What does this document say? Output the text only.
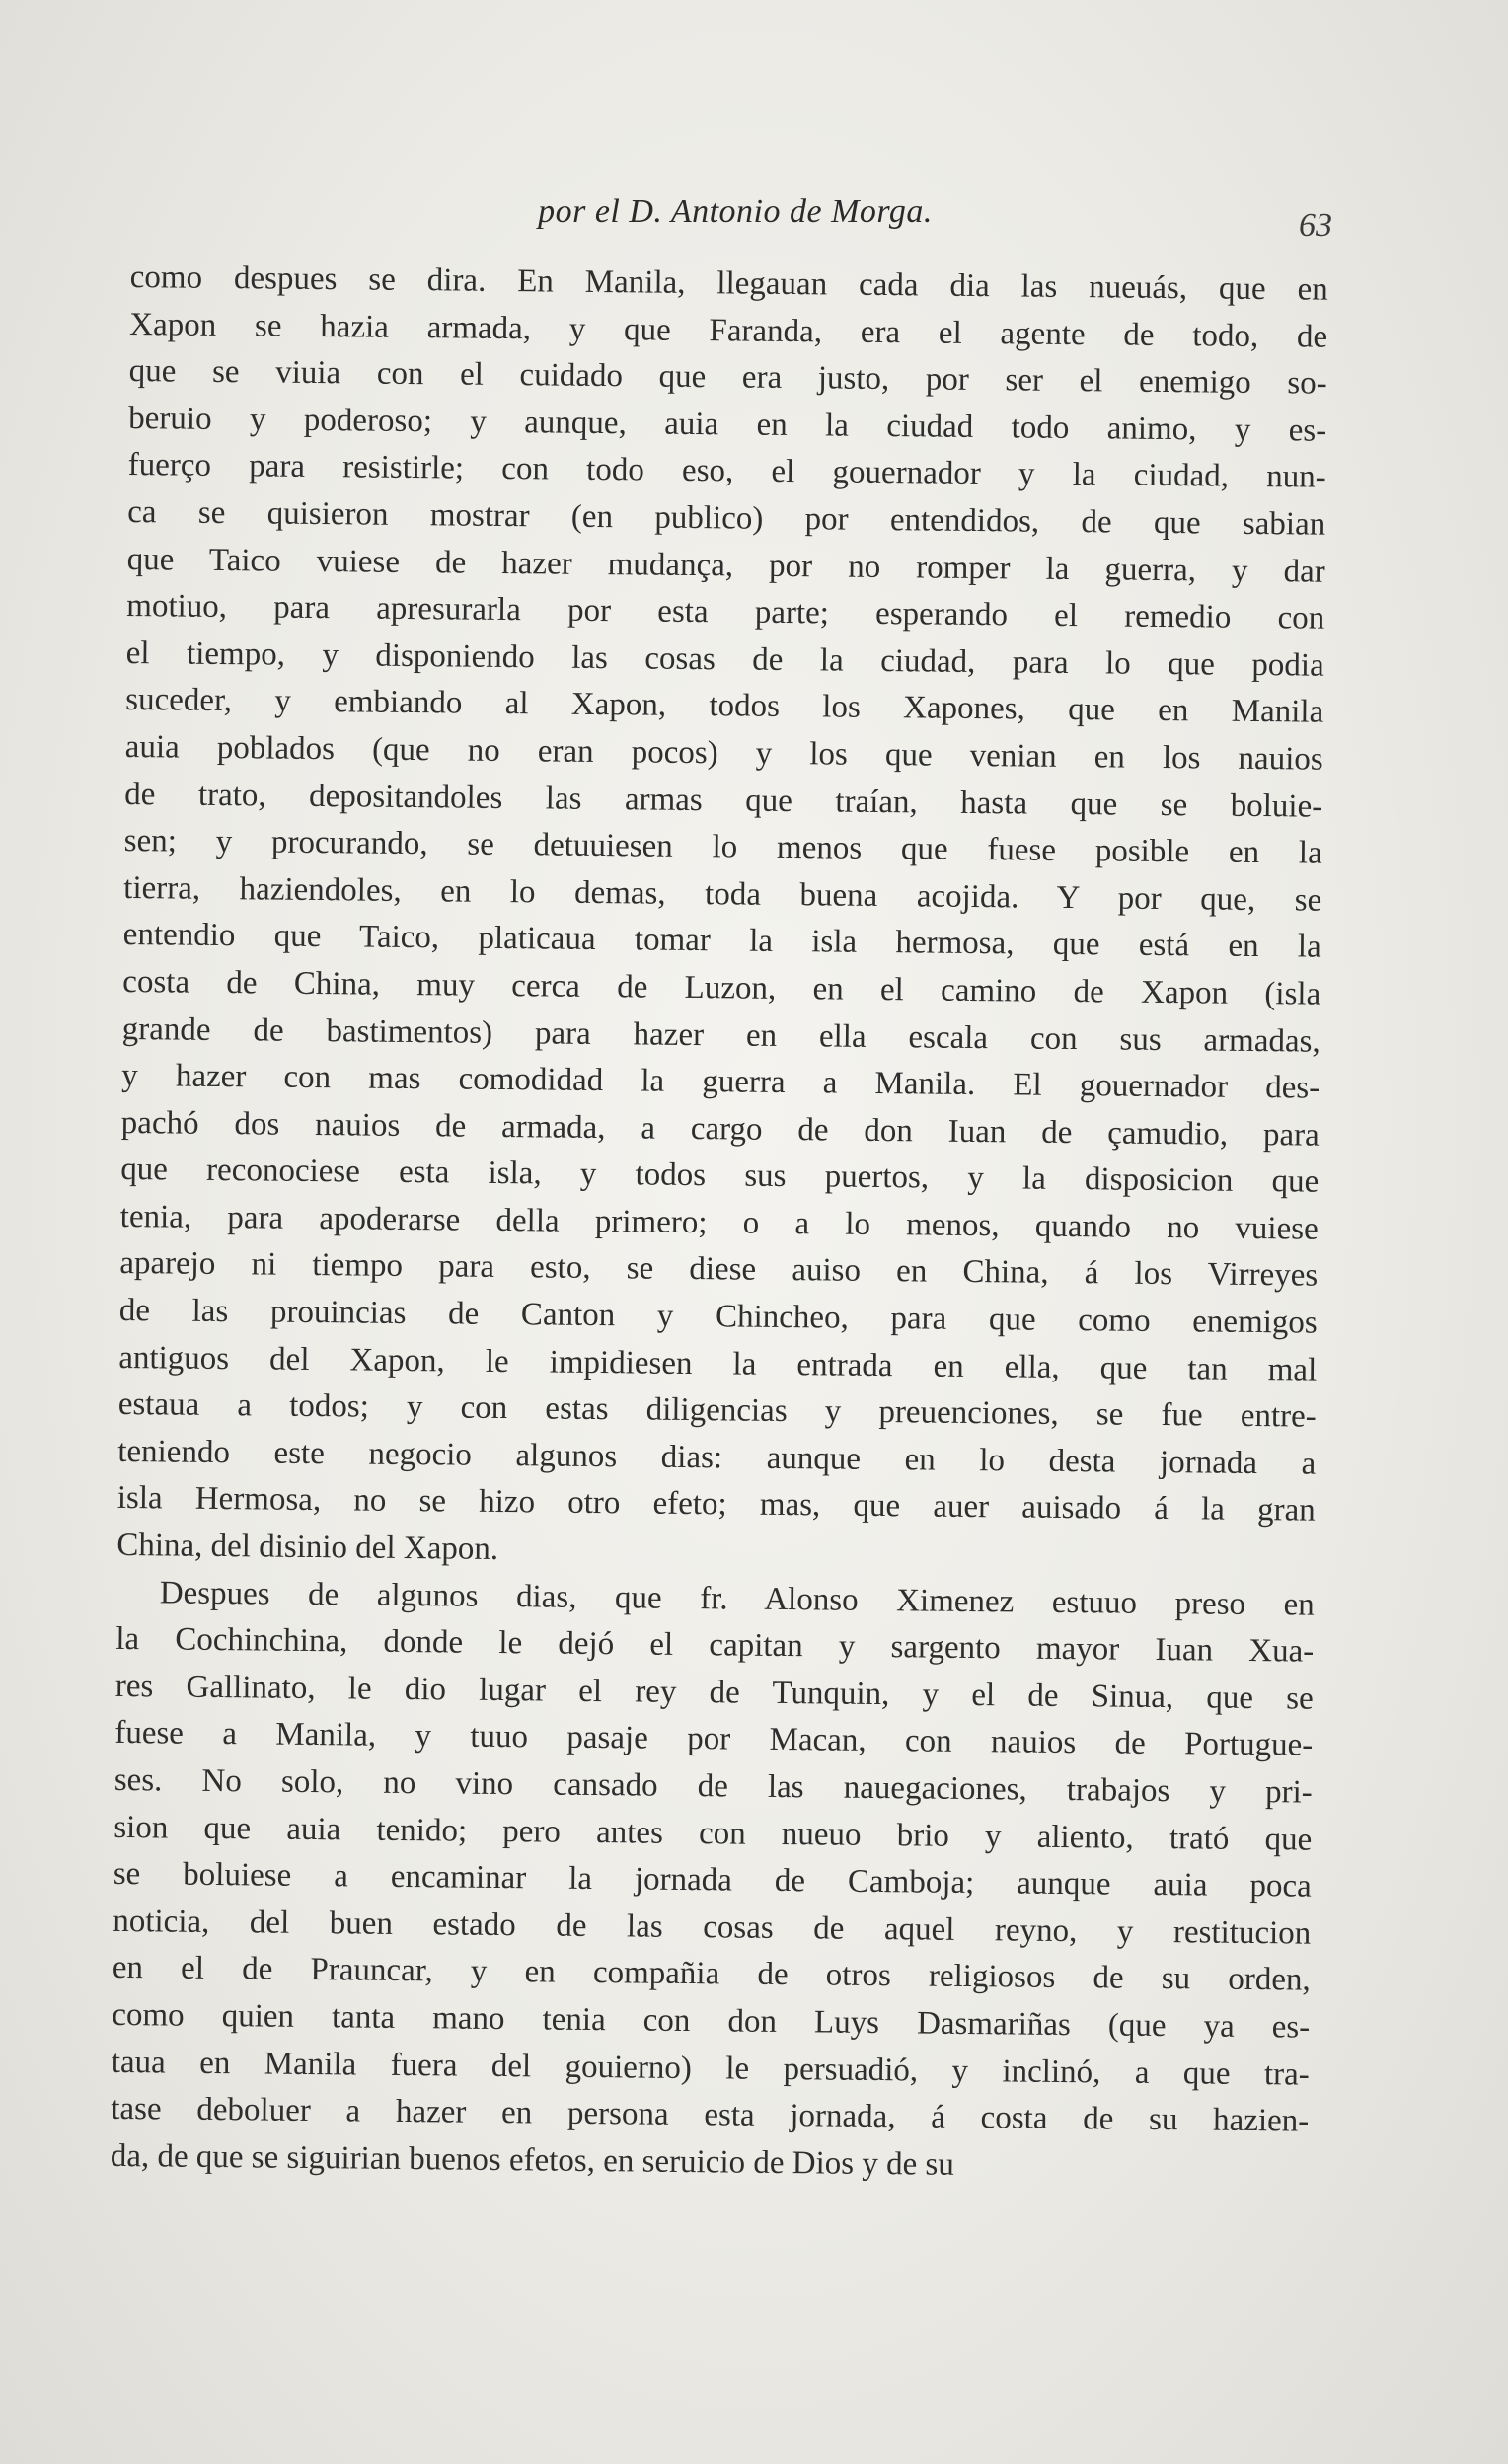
por el D. Antonio de Morga.	63
como despues se dira. En Manila, llegauan cada dia las nueuás, que en
Xapon se hazia armada, y que Faranda, era el agente de todo, de
que se viuia con el cuidado que era justo, por ser el enemigo so-
beruio y poderoso; y aunque, auia en la ciudad todo animo, y es-
fuerço para resistirle; con todo eso, el gouernador y la ciudad, nun-
ca se quisieron mostrar (en publico) por entendidos, de que sabian
que Taico vuiese de hazer mudança, por no romper la guerra, y dar
motiuo, para apresurarla por esta parte; esperando el remedio con
el tiempo, y disponiendo las cosas de la ciudad, para lo que podia
suceder, y embiando al Xapon, todos los Xapones, que en Manila
auia poblados (que no eran pocos) y los que venian en los nauios
de trato, depositandoles las armas que traían, hasta que se boluie-
sen; y procurando, se detuuiesen lo menos que fuese posible en la
tierra, haziendoles, en lo demas, toda buena acojida. Y por que, se
entendio que Taico, platicaua tomar la isla hermosa, que está en la
costa de China, muy cerca de Luzon, en el camino de Xapon (isla
grande de bastimentos) para hazer en ella escala con sus armadas,
y hazer con mas comodidad la guerra a Manila. El gouernador des-
pachó dos nauios de armada, a cargo de don Iuan de çamudio, para
que reconociese esta isla, y todos sus puertos, y la disposicion que
tenia, para apoderarse della primero; o a lo menos, quando no vuiese
aparejo ni tiempo para esto, se diese auiso en China, á los Virreyes
de las prouincias de Canton y Chincheo, para que como enemigos
antiguos del Xapon, le impidiesen la entrada en ella, que tan mal
estaua a todos; y con estas diligencias y preuenciones, se fue entre-
teniendo este negocio algunos dias: aunque en lo desta jornada a
isla Hermosa, no se hizo otro efeto; mas, que auer auisado á la gran
China, del disinio del Xapon.
Despues de algunos dias, que fr. Alonso Ximenez estuuo preso en
la Cochinchina, donde le dejó el capitan y sargento mayor Iuan Xua-
res Gallinato, le dio lugar el rey de Tunquin, y el de Sinua, que se
fuese a Manila, y tuuo pasaje por Macan, con nauios de Portugue-
ses. No solo, no vino cansado de las nauegaciones, trabajos y pri-
sion que auia tenido; pero antes con nueuo brio y aliento, trató que
se boluiese a encaminar la jornada de Camboja; aunque auia poca
noticia, del buen estado de las cosas de aquel reyno, y restitucion
en el de Prauncar, y en compañia de otros religiosos de su orden,
como quien tanta mano tenia con don Luys Dasmariñas (que ya es-
taua en Manila fuera del gouierno) le persuadió, y inclinó, a que tra-
tase deboluer a hazer en persona esta jornada, á costa de su hazien-
da, de que se siguirian buenos efetos, en seruicio de Dios y de su
